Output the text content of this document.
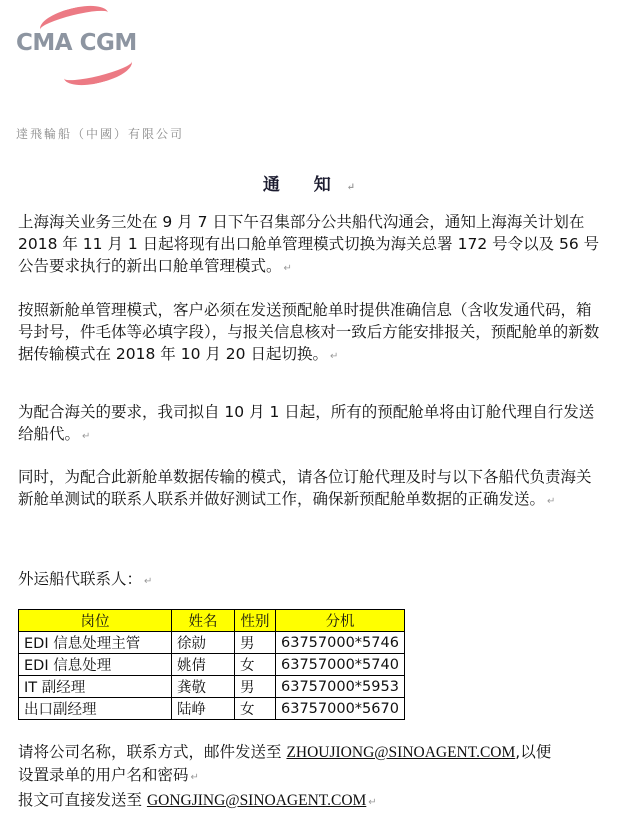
CMA CGM
達飛輪船（中國）有限公司
通 知 ↵
上海海关业务三处在 9 月 7 日下午召集部分公共船代沟通会，通知上海海关计划在 2018 年 11 月 1 日起将现有出口舱单管理模式切换为海关总署 172 号令以及 56 号公告要求执行的新出口舱单管理模式。 ↵
按照新舱单管理模式，客户必须在发送预配舱单时提供准确信息（含收发通代码，箱号封号，件毛体等必填字段），与报关信息核对一致后方能安排报关，预配舱单的新数据传输模式在 2018 年 10 月 20 日起切换。 ↵
为配合海关的要求，我司拟自 10 月 1 日起，所有的预配舱单将由订舱代理自行发送给船代。 ↵
同时，为配合此新舱单数据传输的模式，请各位订舱代理及时与以下各船代负责海关新舱单测试的联系人联系并做好测试工作，确保新预配舱单数据的正确发送。 ↵
外运船代联系人： ↵
岗位	姓名	性别	分机
EDI 信息处理主管	徐勍	男	63757000*5746
EDI 信息处理	姚倩	女	63757000*5740
IT 副经理	龚敬	男	63757000*5953
出口副经理	陆峥	女	63757000*5670
请将公司名称，联系方式，邮件发送至 ZHOUJIONG@SINOAGENT.COM,以便
设置录单的用户名和密码 ↵
报文可直接发送至 GONGJING@SINOAGENT.COM ↵
